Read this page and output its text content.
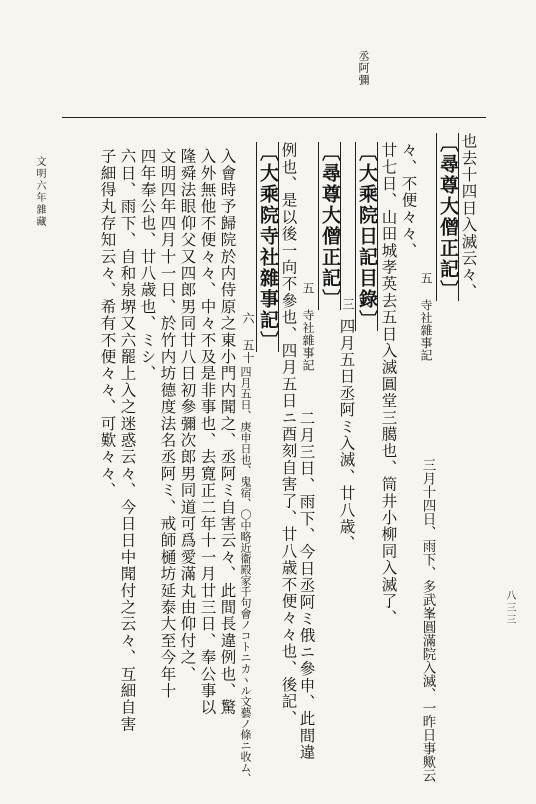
丞阿彌
也去十四日入滅云々、
〔尋尊大僧正記〕
五 寺社雜事記
三月十四日、雨下、多武峯圓滿院入滅、一昨日事歟云
々、不便々々、
廿七日、山田城孝英去五日入滅圓堂三臈也、筒井小柳同入滅了、
〔大乘院日記目錄〕
三
四月五日丞阿ミ入滅、廿八歳、
〔尋尊大僧正記〕
五 寺社雜事記
二月三日、雨下、今日丞阿ミ俄ニ參申、此間違
例也、是以後一向不參也、四月五日ニ酉刻自害了、廿八歳不便々々也、後記、
〔大乘院寺社雜事記〕
六 五十
四月五日、庚申日也、鬼宿、〇中略近衞殿家千句會ノコトニカヽル文藝ノ條ニ收ム、
入會時予歸院於内侍原之東小門内聞之、丞阿ミ自害云々、此間長違例也、驚
入外無他不便々々、中々不及是非事也、去寛正二年十一月廿三日、奉公事以
隆舜法眼仰父又四郎男同廿八日初參彌次郎男同道可爲愛滿丸由仰付之、
文明四年四月十一日、於竹内坊德度法名丞阿ミ、戒師樋坊延泰大至今年十
四年奉公也、廿八歳也、ミシ、
六日、雨下、自和泉堺又六罷上入之迷惑云々、今日日中聞付之云々、互細自害
子細得丸存知云々、希有不便々々、可歎々々、
文明六年雜藏
八三三
